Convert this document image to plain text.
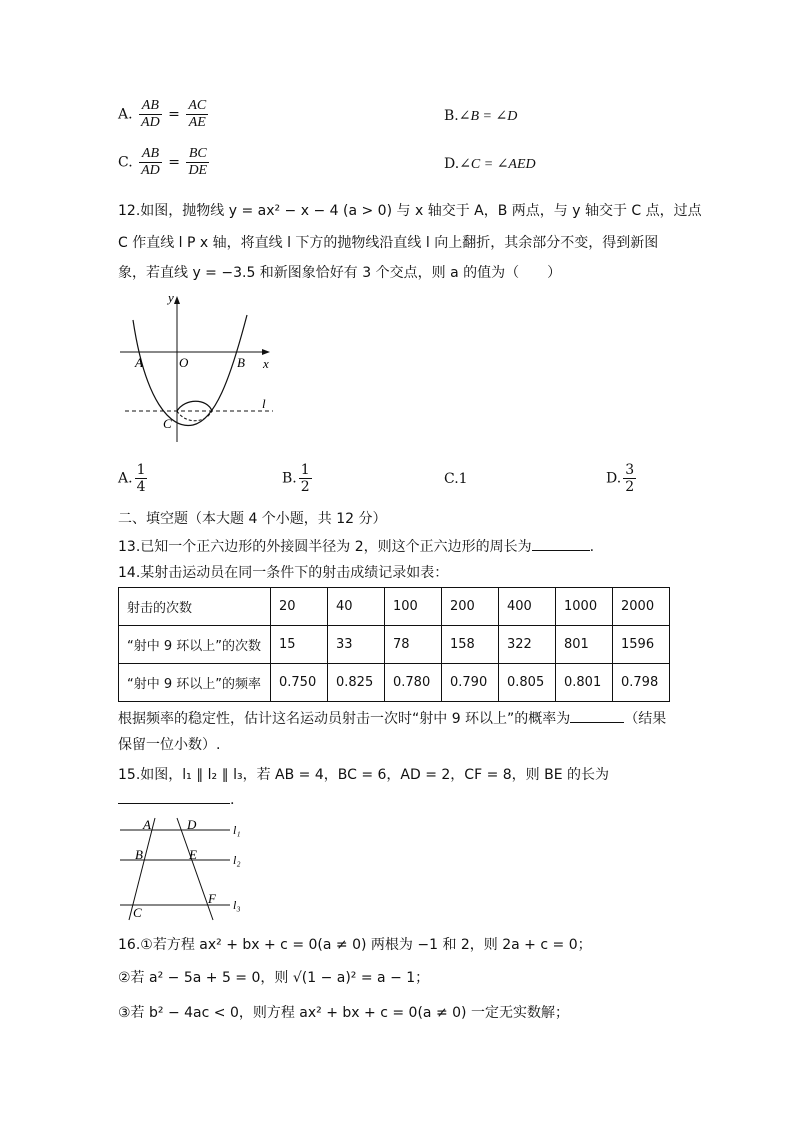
A. $\frac{AB}{AD} = \frac{AC}{AE}$	B.∠B = ∠D
C. $\frac{AB}{AD} = \frac{BC}{DE}$	D.∠C = ∠AED
12.如图，抛物线 y = ax² − x − 4 (a > 0) 与 x 轴交于 A，B 两点，与 y 轴交于 C 点，过点
C 作直线 l P x 轴，将直线 l 下方的抛物线沿直线 l 向上翻折，其余部分不变，得到新图
象，若直线 y = −3.5 和新图象恰好有 3 个交点，则 a 的值为（　　）
y
x
A	O	B
C
l
A. $\frac{1}{4}$	B. $\frac{1}{2}$	C.1	D. $\frac{3}{2}$
二、填空题（本大题 4 个小题，共 12 分）
13.已知一个正六边形的外接圆半径为 2，则这个正六边形的周长为	.
14.某射击运动员在同一条件下的射击成绩记录如表：
射击的次数	20	40	100	200	400	1000	2000
“射中 9 环以上”的次数	15	33	78	158	322	801	1596
“射中 9 环以上”的频率	0.750	0.825	0.780	0.790	0.805	0.801	0.798
根据频率的稳定性，估计这名运动员射击一次时“射中 9 环以上”的概率为	（结果
保留一位小数）.
15.如图，l₁ ∥ l₂ ∥ l₃，若 AB = 4，BC = 6，AD = 2，CF = 8，则 BE 的长为
.
A	D
B	E
C
F
l₁
l₂
l₃
16.①若方程 ax² + bx + c = 0(a ≠ 0) 两根为 −1 和 2，则 2a + c = 0；
②若 a² − 5a + 5 = 0，则 √(1 − a)² = a − 1；
③若 b² − 4ac < 0，则方程 ax² + bx + c = 0(a ≠ 0) 一定无实数解；
